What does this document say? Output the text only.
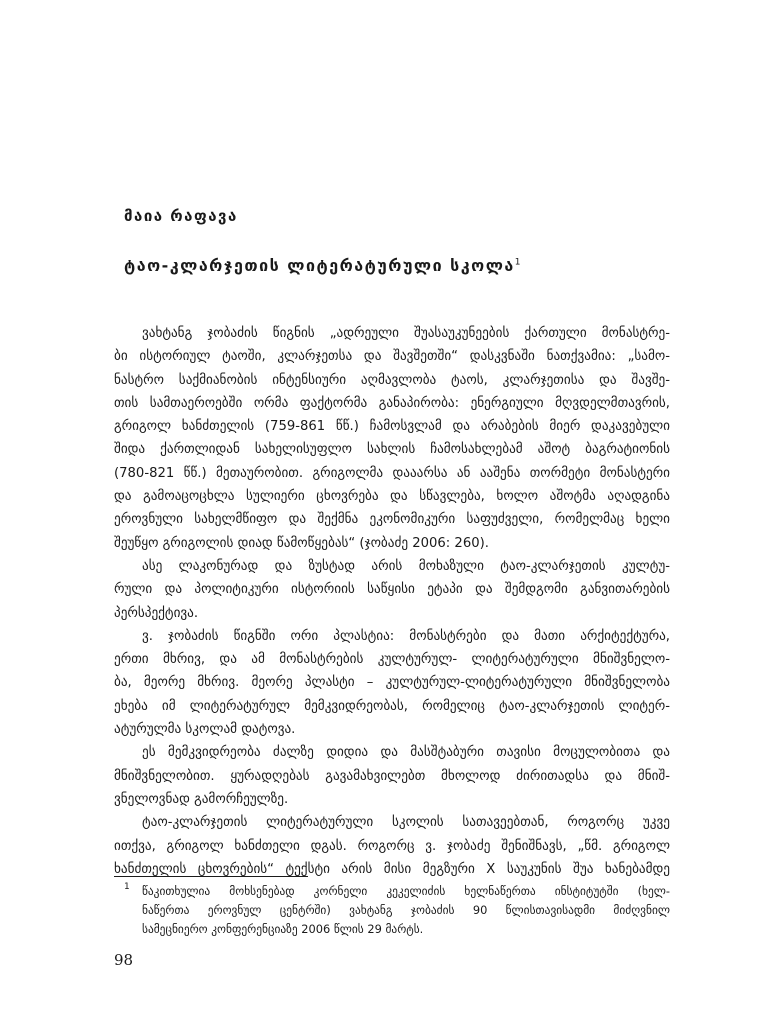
მაია რაფავა
ტაო-კლარჯეთის ლიტერატურული სკოლა$^1$
ვახტანგ ჯობაძის წიგნის „ადრეული შუასაუკუნეების ქართული მონასტრე-
ბი ისტორიულ ტაოში, კლარჯეთსა და შავშეთში“ დასკვნაში ნათქვამია: „სამო-
ნასტრო საქმიანობის ინტენსიური აღმავლობა ტაოს, კლარჯეთისა და შავშე-
თის სამთაეროებში ორმა ფაქტორმა განაპირობა: ენერგიული მღვდელმთავრის,
გრიგოლ ხანძთელის (759-861 წწ.) ჩამოსვლამ და არაბების მიერ დაკავებული
შიდა ქართლიდან სახელისუფლო სახლის ჩამოსახლებამ აშოტ ბაგრატიონის
(780-821 წწ.) მეთაურობით. გრიგოლმა დააარსა ან ააშენა თორმეტი მონასტერი
და გამოაცოცხლა სულიერი ცხოვრება და სწავლება, ხოლო აშოტმა აღადგინა
ეროვნული სახელმწიფო და შექმნა ეკონომიკური საფუძველი, რომელმაც ხელი
შეუწყო გრიგოლის დიად წამოწყებას“ (ჯობაძე 2006: 260).
ასე ლაკონურად და ზუსტად არის მოხაზული ტაო-კლარჯეთის კულტუ-
რული და პოლიტიკური ისტორიის საწყისი ეტაპი და შემდგომი განვითარების
პერსპექტივა.
ვ. ჯობაძის წიგნში ორი პლასტია: მონასტრები და მათი არქიტექტურა,
ერთი მხრივ, და ამ მონასტრების კულტურულ- ლიტერატურული მნიშვნელო-
ბა, მეორე მხრივ. მეორე პლასტი – კულტურულ-ლიტერატურული მნიშვნელობა
ეხება იმ ლიტერატურულ მემკვიდრეობას, რომელიც ტაო-კლარჯეთის ლიტერ-
ატურულმა სკოლამ დატოვა.
ეს მემკვიდრეობა ძალზე დიდია და მასშტაბური თავისი მოცულობითა და
მნიშვნელობით. ყურადღებას გავამახვილებთ მხოლოდ ძირითადსა და მნიშ-
ვნელოვნად გამორჩეულზე.
ტაო-კლარჯეთის ლიტერატურული სკოლის სათავეებთან, როგორც უკვე
ითქვა, გრიგოლ ხანძთელი დგას. როგორც ვ. ჯობაძე შენიშნავს, „წმ. გრიგოლ
ხანძთელის ცხოვრების“ ტექსტი არის მისი მეგზური X საუკუნის შუა ხანებამდე
1 წაკითხულია მოხსენებად კორნელი კეკელიძის ხელნაწერთა ინსტიტუტში (ხელ-
ნაწერთა ეროვნულ ცენტრში) ვახტანგ ჯობაძის 90 წლისთავისადმი მიძღვნილ
სამეცნიერო კონფერენციაზე 2006 წლის 29 მარტს.
98
